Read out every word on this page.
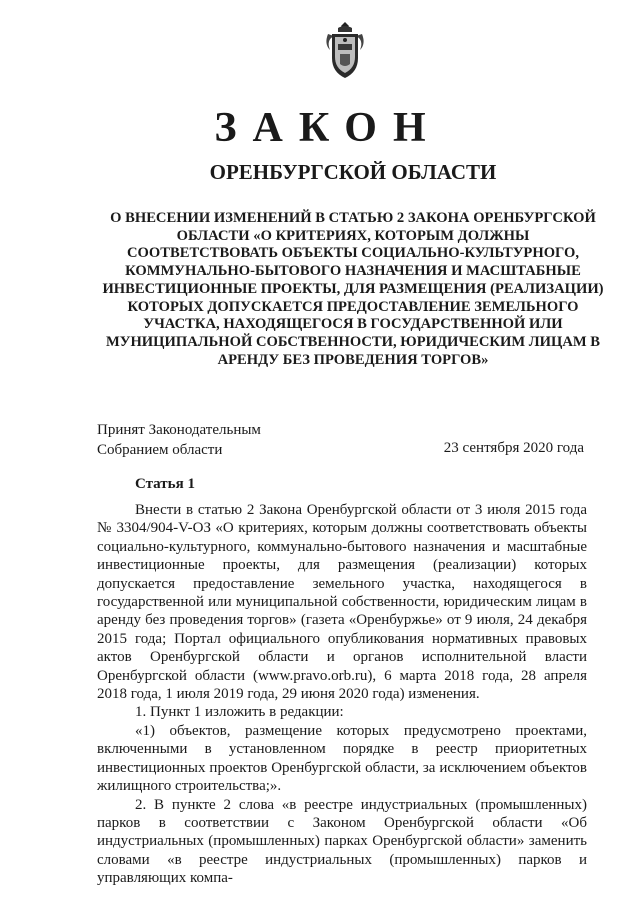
ЗАКОН
ОРЕНБУРГСКОЙ ОБЛАСТИ
О ВНЕСЕНИИ ИЗМЕНЕНИЙ В СТАТЬЮ 2 ЗАКОНА ОРЕНБУРГСКОЙ ОБЛАСТИ «О КРИТЕРИЯХ, КОТОРЫМ ДОЛЖНЫ СООТВЕТСТВОВАТЬ ОБЪЕКТЫ СОЦИАЛЬНО-КУЛЬТУРНОГО, КОММУНАЛЬНО-БЫТОВОГО НАЗНАЧЕНИЯ И МАСШТАБНЫЕ ИНВЕСТИЦИОННЫЕ ПРОЕКТЫ, ДЛЯ РАЗМЕЩЕНИЯ (РЕАЛИЗАЦИИ) КОТОРЫХ ДОПУСКАЕТСЯ ПРЕДОСТАВЛЕНИЕ ЗЕМЕЛЬНОГО УЧАСТКА, НАХОДЯЩЕГОСЯ В ГОСУДАРСТВЕННОЙ ИЛИ МУНИЦИПАЛЬНОЙ СОБСТВЕННОСТИ, ЮРИДИЧЕСКИМ ЛИЦАМ В АРЕНДУ БЕЗ ПРОВЕДЕНИЯ ТОРГОВ»
Принят Законодательным
Собранием области	23 сентября 2020 года
Статья 1

Внести в статью 2 Закона Оренбургской области от 3 июля 2015 года № 3304/904-V-ОЗ «О критериях, которым должны соответствовать объекты социально-культурного, коммунально-бытового назначения и масштабные инвестиционные проекты, для размещения (реализации) которых допускается предоставление земельного участка, находящегося в государственной или муниципальной собственности, юридическим лицам в аренду без проведения торгов» (газета «Оренбуржье» от 9 июля, 24 декабря 2015 года; Портал официального опубликования нормативных правовых актов Оренбургской области и органов исполнительной власти Оренбургской области (www.pravo.orb.ru), 6 марта 2018 года, 28 апреля 2018 года, 1 июля 2019 года, 29 июня 2020 года) изменения.

1. Пункт 1 изложить в редакции:

«1) объектов, размещение которых предусмотрено проектами, включенными в установленном порядке в реестр приоритетных инвестиционных проектов Оренбургской области, за исключением объектов жилищного строительства;».

2. В пункте 2 слова «в реестре индустриальных (промышленных) парков в соответствии с Законом Оренбургской области «Об индустриальных (промышленных) парках Оренбургской области» заменить словами «в реестре индустриальных (промышленных) парков и управляющих компа-
